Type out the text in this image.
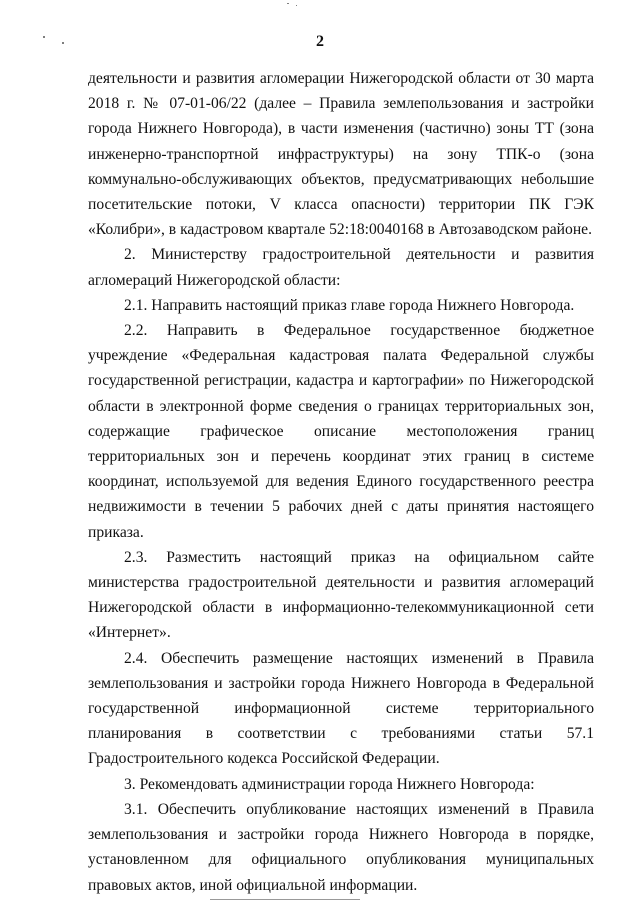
2

деятельности и развития агломерации Нижегородской области от 30 марта 2018 г. № 07-01-06/22 (далее – Правила землепользования и застройки города Нижнего Новгорода), в части изменения (частично) зоны ТТ (зона инженерно-транспортной инфраструктуры) на зону ТПК-о (зона коммунально-обслуживающих объектов, предусматривающих небольшие посетительские потоки, V класса опасности) территории ПК ГЭК «Колибри», в кадастровом квартале 52:18:0040168 в Автозаводском районе.

2. Министерству градостроительной деятельности и развития агломераций Нижегородской области:

2.1. Направить настоящий приказ главе города Нижнего Новгорода.

2.2. Направить в Федеральное государственное бюджетное учреждение «Федеральная кадастровая палата Федеральной службы государственной регистрации, кадастра и картографии» по Нижегородской области в электронной форме сведения о границах территориальных зон, содержащие графическое описание местоположения границ территориальных зон и перечень координат этих границ в системе координат, используемой для ведения Единого государственного реестра недвижимости в течении 5 рабочих дней с даты принятия настоящего приказа.

2.3. Разместить настоящий приказ на официальном сайте министерства градостроительной деятельности и развития агломераций Нижегородской области в информационно-телекоммуникационной сети «Интернет».

2.4. Обеспечить размещение настоящих изменений в Правила землепользования и застройки города Нижнего Новгорода в Федеральной государственной информационной системе территориального планирования в соответствии с требованиями статьи 57.1 Градостроительного кодекса Российской Федерации.

3. Рекомендовать администрации города Нижнего Новгорода:

3.1. Обеспечить опубликование настоящих изменений в Правила землепользования и застройки города Нижнего Новгорода в порядке, установленном для официального опубликования муниципальных правовых актов, иной официальной информации.
